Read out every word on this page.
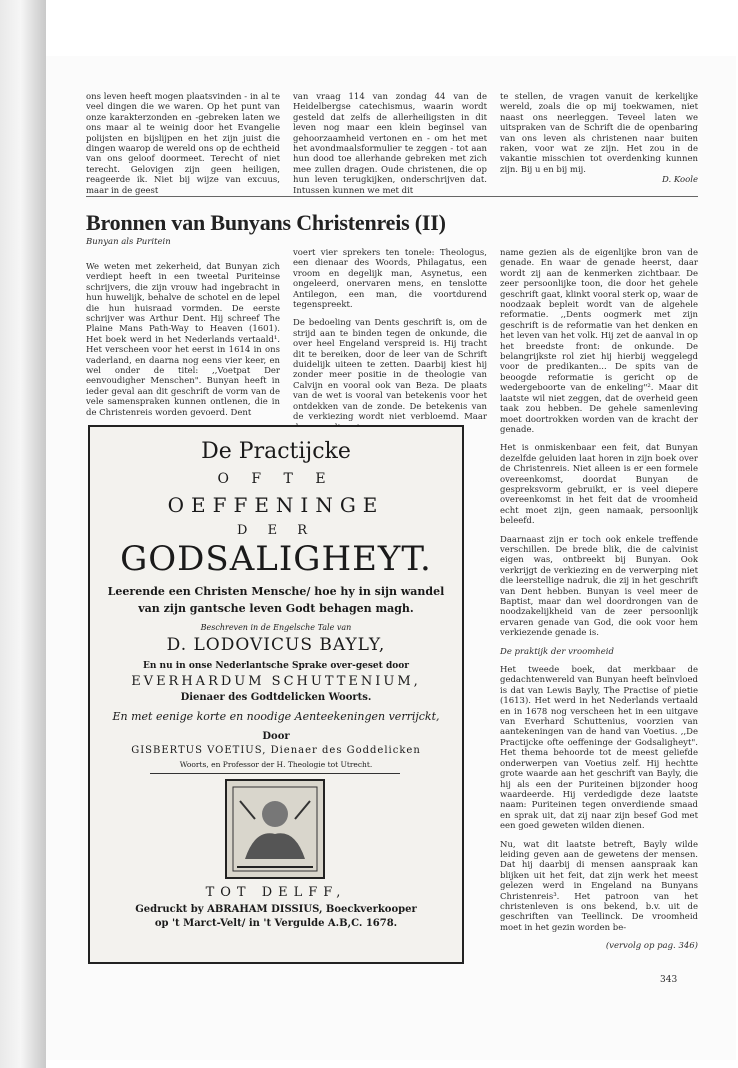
ons leven heeft mogen plaatsvinden - in al te veel dingen die we waren. Op het punt van onze karakterzonden en -gebreken laten we ons maar al te weinig door het Evangelie polijsten en bijslijpen en het zijn juist die dingen waarop de wereld ons op de echtheid van ons geloof doormeet. Terecht of niet terecht. Gelovigen zijn geen heiligen, reageerde ik. Niet bij wijze van excuus, maar in de geest
van vraag 114 van zondag 44 van de Heidelbergse catechismus, waarin wordt gesteld dat zelfs de allerheiligsten in dit leven nog maar een klein beginsel van gehoorzaamheid vertonen en - om het met het avondmaalsformulier te zeggen - tot aan hun dood toe allerhande gebreken met zich mee zullen dragen. Oude christenen, die op hun leven terugkijken, onderschrijven dat. Intussen kunnen we met dit
te stellen, de vragen vanuit de kerkelijke wereld, zoals die op mij toekwamen, niet naast ons neerleggen. Teveel laten we uitspraken van de Schrift die de openbaring van ons leven als christenen naar buiten raken, voor wat ze zijn. Het zou in de vakantie misschien tot overdenking kunnen zijn. Bij u en bij mij.
D. Koole
Bronnen van Bunyans Christenreis (II)
Bunyan als Puritein

We weten met zekerheid, dat Bunyan zich verdiept heeft in een tweetal Puriteinse schrijvers, die zijn vrouw had ingebracht in hun huwelijk, behalve de schotel en de lepel die hun huisraad vormden. De eerste schrijver was Arthur Dent. Hij schreef The Plaine Mans Path-Way to Heaven (1601). Het boek werd in het Nederlands vertaald¹. Het verscheen voor het eerst in 1614 in ons vaderland, en daarna nog eens vier keer, en wel onder de titel: ,,Voetpat Der eenvoudigher Menschen". Bunyan heeft in ieder geval aan dit geschrift de vorm van de vele samenspraken kunnen ontlenen, die in de Christenreis worden gevoerd. Dent

voert vier sprekers ten tonele: Theologus, een dienaar des Woords, Philagatus, een vroom en degelijk man, Asynetus, een ongeleerd, onervaren mens, en tenslotte Antilegon, een man, die voortdurend tegenspreekt.

De bedoeling van Dents geschrift is, om de strijd aan te binden tegen de onkunde, die over heel Engeland verspreid is. Hij tracht dit te bereiken, door de leer van de Schrift duidelijk uiteen te zetten. Daarbij kiest hij zonder meer positie in de theologie van Calvijn en vooral ook van Beza. De plaats van de wet is vooral van betekenis voor het ontdekken van de zonde. De betekenis van de verkiezing wordt niet verbloemd. Maar

name gezien als de eigenlijke bron van de genade. En waar de genade heerst, daar wordt zij aan de kenmerken zichtbaar. De zeer persoonlijke toon, die door het gehele geschrift gaat, klinkt vooral sterk op, waar de noodzaak bepleit wordt van de algehele reformatie. ,,Dents oogmerk met zijn geschrift is de reformatie van het denken en het leven van het volk. Hij zet de aanval in op het breedste front: de onkunde. De belangrijkste rol ziet hij hierbij weggelegd voor de predikanten... De spits van de beoogde reformatie is gericht op de wedergeboorte van de enkeling"². Maar dit laatste wil niet zeggen, dat de overheid geen taak zou hebben. De gehele samenleving moet doortrokken worden van de kracht der genade.

Het is onmiskenbaar een feit, dat Bunyan dezelfde geluiden laat horen in zijn boek over de Christenreis. Niet alleen is er een formele overeenkomst, doordat Bunyan de gespreksvorm gebruikt, er is veel diepere overeenkomst in het feit dat de vroomheid echt moet zijn, geen namaak, persoonlijk beleefd.

Daarnaast zijn er toch ook enkele treffende verschillen. De brede blik, die de calvinist eigen was, ontbreekt bij Bunyan. Ook verkrijgt de verkiezing en de verwerping niet die leerstellige nadruk, die zij in het geschrift van Dent hebben. Bunyan is veel meer de Baptist, maar dan wel doordrongen van de noodzakelijkheid van de zeer persoonlijk ervaren genade van God, die ook voor hem verkiezende genade is.

De praktijk der vroomheid

Het tweede boek, dat merkbaar de gedachtenwereld van Bunyan heeft beïnvloed is dat van Lewis Bayly, The Practise of pietie (1613). Het werd in het Nederlands vertaald en in 1678 nog verscheen het in een uitgave van Everhard Schuttenius, voorzien van aantekeningen van de hand van Voetius. ,,De Practijcke ofte oeffeninge der Godsaligheyt". Het thema behoorde tot de meest geliefde onderwerpen van Voetius zelf. Hij hechtte grote waarde aan het geschrift van Bayly, die hij als een der Puriteinen bijzonder hoog waardeerde. Hij verdedigde deze laatste naam: Puriteinen tegen onverdiende smaad en sprak uit, dat zij naar zijn besef God met een goed geweten wilden dienen.

Nu, wat dit laatste betreft, Bayly wilde leiding geven aan de gewetens der mensen. Dat hij daarbij di mensen aanspraak kan blijken uit het feit, dat zijn werk het meest gelezen werd in Engeland na Bunyans Christenreis³. Het patroon van het christenleven is ons bekend, b.v. uit de geschriften van Teellinck. De vroomheid moet in het gezin worden be-

(vervolg op pag. 346)

De Practijcke
O F T E
OEFFENINGE
D E R
GODSALIGHEYT.
Leerende een Christen Mensche/ hoe hy in sijn wandel
van zijn gantsche leven Godt behagen magh.
Beschreven in de Engelsche Tale van
D. LODOVICUS BAYLY,
En nu in onse Nederlantsche Sprake over-geset door
EVERHARDUM SCHUTTENIUM,
Dienaer des Godtdelicken Woorts.
En met eenige korte en noodige Aenteekeningen verrijckt,
Door
GISBERTUS VOETIUS, Dienaer des Goddelicken
Woorts, en Professor der H. Theologie tot Utrecht.
TOT DELFF,
Gedruckt by ABRAHAM DISSIUS, Boeckverkooper
op 't Marct-Velt/ in 't Vergulde A.B,C. 1678.
343
